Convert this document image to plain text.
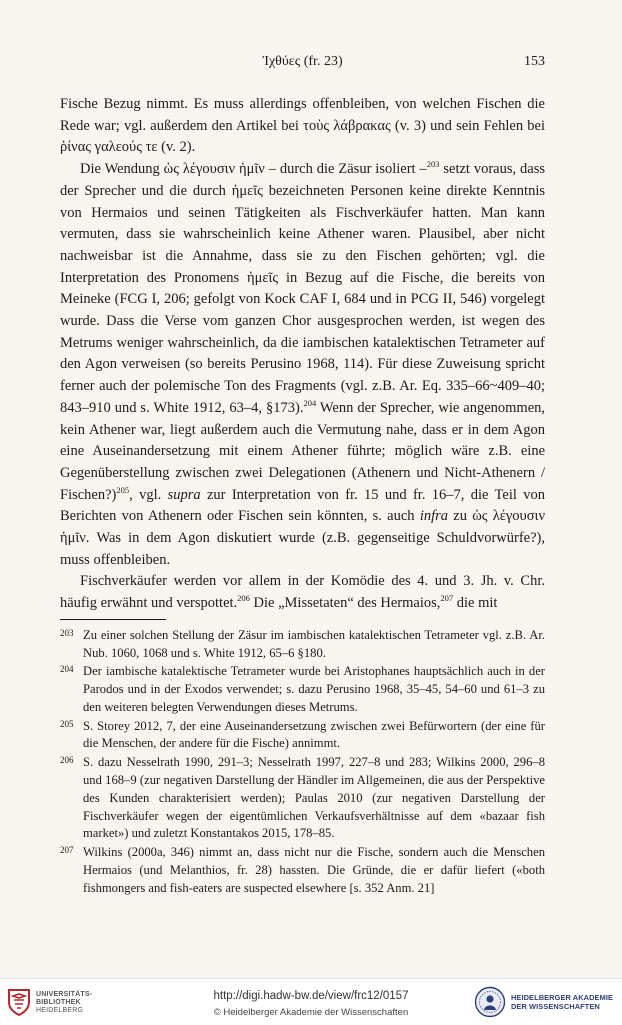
Ἰχθύες (fr. 23)	153

Fische Bezug nimmt. Es muss allerdings offenbleiben, von welchen Fischen die Rede war; vgl. außerdem den Artikel bei τοὺς λάβρακας (v. 3) und sein Fehlen bei ῥίνας γαλεούς τε (v. 2).

Die Wendung ὡς λέγουσιν ἡμῖν – durch die Zäsur isoliert –$^{203}$ setzt voraus, dass der Sprecher und die durch ἡμεῖς bezeichneten Personen keine direkte Kenntnis von Hermaios und seinen Tätigkeiten als Fischverkäufer hatten. Man kann vermuten, dass sie wahrscheinlich keine Athener waren. Plausibel, aber nicht nachweisbar ist die Annahme, dass sie zu den Fischen gehörten; vgl. die Interpretation des Pronomens ἡμεῖς in Bezug auf die Fische, die bereits von Meineke (FCG I, 206; gefolgt von Kock CAF I, 684 und in PCG II, 546) vorgelegt wurde. Dass die Verse vom ganzen Chor ausgesprochen werden, ist wegen des Metrums weniger wahrscheinlich, da die iambischen katalektischen Tetrameter auf den Agon verweisen (so bereits Perusino 1968, 114). Für diese Zuweisung spricht ferner auch der polemische Ton des Fragments (vgl. z.B. Ar. Eq. 335–66~409–40; 843–910 und s. White 1912, 63–4, §173).$^{204}$ Wenn der Sprecher, wie angenommen, kein Athener war, liegt außerdem auch die Vermutung nahe, dass er in dem Agon eine Auseinandersetzung mit einem Athener führte; möglich wäre z.B. eine Gegenüberstellung zwischen zwei Delegationen (Athenern und Nicht-Athenern / Fischen?)$^{205}$, vgl. supra zur Interpretation von fr. 15 und fr. 16–7, die Teil von Berichten von Athenern oder Fischen sein könnten, s. auch infra zu ὡς λέγουσιν ἡμῖν. Was in dem Agon diskutiert wurde (z.B. gegenseitige Schuldvorwürfe?), muss offenbleiben.

Fischverkäufer werden vor allem in der Komödie des 4. und 3. Jh. v. Chr. häufig erwähnt und verspottet.$^{206}$ Die „Missetaten“ des Hermaios,$^{207}$ die mit

203 Zu einer solchen Stellung der Zäsur im iambischen katalektischen Tetrameter vgl. z.B. Ar. Nub. 1060, 1068 und s. White 1912, 65–6 §180.
204 Der iambische katalektische Tetrameter wurde bei Aristophanes hauptsächlich auch in der Parodos und in der Exodos verwendet; s. dazu Perusino 1968, 35–45, 54–60 und 61–3 zu den weiteren belegten Verwendungen dieses Metrums.
205 S. Storey 2012, 7, der eine Auseinandersetzung zwischen zwei Befürwortern (der eine für die Menschen, der andere für die Fische) annimmt.
206 S. dazu Nesselrath 1990, 291–3; Nesselrath 1997, 227–8 und 283; Wilkins 2000, 296–8 und 168–9 (zur negativen Darstellung der Händler im Allgemeinen, die aus der Perspektive des Kunden charakterisiert werden); Paulas 2010 (zur negativen Darstellung der Fischverkäufer wegen der eigentümlichen Verkaufsverhältnisse auf dem «bazaar fish market») und zuletzt Konstantakos 2015, 178–85.
207 Wilkins (2000a, 346) nimmt an, dass nicht nur die Fische, sondern auch die Menschen Hermaios (und Melanthios, fr. 28) hassten. Die Gründe, die er dafür liefert («both fishmongers and fish-eaters are suspected elsewhere [s. 352 Anm. 21]
UNIVERSITÄTS-
BIBLIOTHEK
HEIDELBERG
http://digi.hadw-bw.de/view/frc12/0157
© Heidelberger Akademie der Wissenschaften
HEIDELBERGER AKADEMIE
DER WISSENSCHAFTEN
